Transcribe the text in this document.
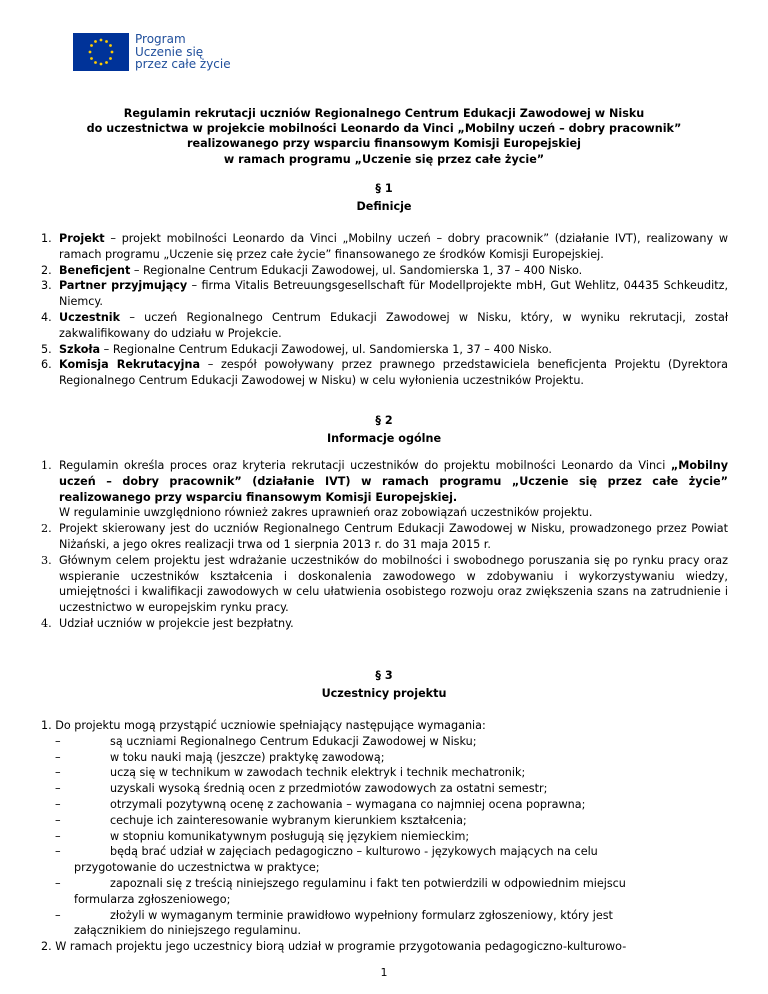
Program
Uczenie się
przez całe życie
Regulamin rekrutacji uczniów Regionalnego Centrum Edukacji Zawodowej w Nisku
do uczestnictwa w projekcie mobilności Leonardo da Vinci „Mobilny uczeń – dobry pracownik”
realizowanego przy wsparciu finansowym Komisji Europejskiej
w ramach programu „Uczenie się przez całe życie”
§ 1
Definicje
1. Projekt – projekt mobilności Leonardo da Vinci „Mobilny uczeń – dobry pracownik” (działanie IVT), realizowany w ramach programu „Uczenie się przez całe życie” finansowanego ze środków Komisji Europejskiej.
2. Beneficjent – Regionalne Centrum Edukacji Zawodowej, ul. Sandomierska 1, 37 – 400 Nisko.
3. Partner przyjmujący – firma Vitalis Betreuungsgesellschaft für Modellprojekte mbH, Gut Wehlitz, 04435 Schkeuditz, Niemcy.
4. Uczestnik – uczeń Regionalnego Centrum Edukacji Zawodowej w Nisku, który, w wyniku rekrutacji, został zakwalifikowany do udziału w Projekcie.
5. Szkoła – Regionalne Centrum Edukacji Zawodowej, ul. Sandomierska 1, 37 – 400 Nisko.
6. Komisja Rekrutacyjna – zespół powoływany przez prawnego przedstawiciela beneficjenta Projektu (Dyrektora Regionalnego Centrum Edukacji Zawodowej w Nisku) w celu wyłonienia uczestników Projektu.
§ 2
Informacje ogólne
1. Regulamin określa proces oraz kryteria rekrutacji uczestników do projektu mobilności Leonardo da Vinci „Mobilny uczeń – dobry pracownik” (działanie IVT) w ramach programu „Uczenie się przez całe życie” realizowanego przy wsparciu finansowym Komisji Europejskiej.
W regulaminie uwzględniono również zakres uprawnień oraz zobowiązań uczestników projektu.
2. Projekt skierowany jest do uczniów Regionalnego Centrum Edukacji Zawodowej w Nisku, prowadzonego przez Powiat Niżański, a jego okres realizacji trwa od 1 sierpnia 2013 r. do 31 maja 2015 r.
3. Głównym celem projektu jest wdrażanie uczestników do mobilności i swobodnego poruszania się po rynku pracy oraz wspieranie uczestników kształcenia i doskonalenia zawodowego w zdobywaniu i wykorzystywaniu wiedzy, umiejętności i kwalifikacji zawodowych w celu ułatwienia osobistego rozwoju oraz zwiększenia szans na zatrudnienie i uczestnictwo w europejskim rynku pracy.
4. Udział uczniów w projekcie jest bezpłatny.
§ 3
Uczestnicy projektu
1. Do projektu mogą przystąpić uczniowie spełniający następujące wymagania:
–	są uczniami Regionalnego Centrum Edukacji Zawodowej w Nisku;
–	w toku nauki mają (jeszcze) praktykę zawodową;
–	uczą się w technikum w zawodach technik elektryk i technik mechatronik;
–	uzyskali wysoką średnią ocen z przedmiotów zawodowych za ostatni semestr;
–	otrzymali pozytywną ocenę z zachowania – wymagana co najmniej ocena poprawna;
–	cechuje ich zainteresowanie wybranym kierunkiem kształcenia;
–	w stopniu komunikatywnym posługują się językiem niemieckim;
–	będą brać udział w zajęciach pedagogiczno – kulturowo - językowych mających na celu
przygotowanie do uczestnictwa w praktyce;
–	zapoznali się z treścią niniejszego regulaminu i fakt ten potwierdzili w odpowiednim miejscu
formularza zgłoszeniowego;
–	złożyli w wymaganym terminie prawidłowo wypełniony formularz zgłoszeniowy, który jest
załącznikiem do niniejszego regulaminu.
2. W ramach projektu jego uczestnicy biorą udział w programie przygotowania pedagogiczno-kulturowo-
1
